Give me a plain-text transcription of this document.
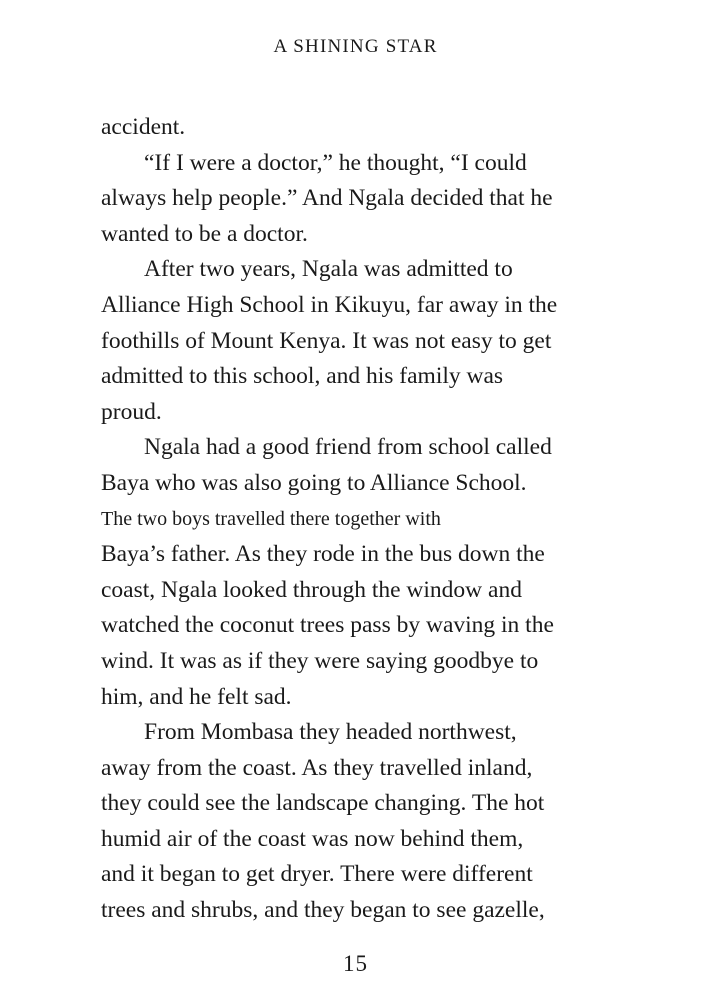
A SHINING STAR
accident.
“If I were a doctor,” he thought, “I could
always help people.” And Ngala decided that he
wanted to be a doctor.
After two years, Ngala was admitted to
Alliance High School in Kikuyu, far away in the
foothills of Mount Kenya. It was not easy to get
admitted to this school, and his family was
proud.
Ngala had a good friend from school called
Baya who was also going to Alliance School.
The two boys travelled there together with
Baya’s father. As they rode in the bus down the
coast, Ngala looked through the window and
watched the coconut trees pass by waving in the
wind. It was as if they were saying goodbye to
him, and he felt sad.
From Mombasa they headed northwest,
away from the coast. As they travelled inland,
they could see the landscape changing. The hot
humid air of the coast was now behind them,
and it began to get dryer. There were different
trees and shrubs, and they began to see gazelle,
15
